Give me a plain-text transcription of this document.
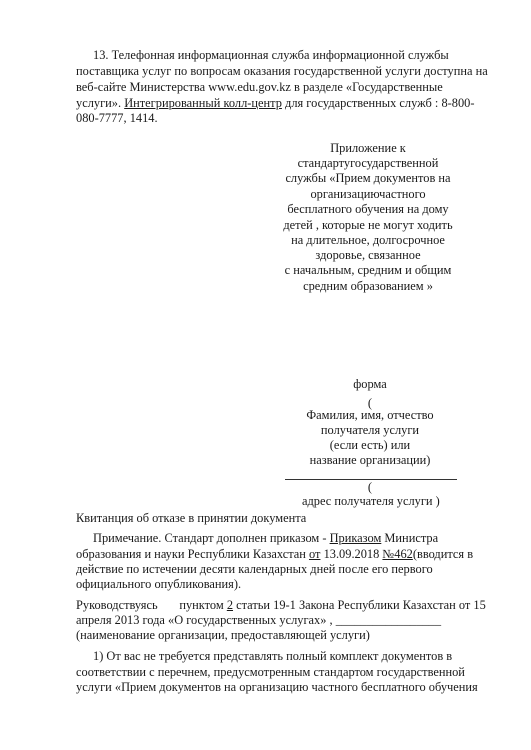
13. Телефонная информационная служба информационной службы

поставщика услуг по вопросам оказания государственной услуги доступна на

веб-сайте Министерства www.edu.gov.kz в разделе «Государственные

услуги». Интегрированный колл-центр для государственных служб : 8-800-

080-7777, 1414.

Приложение к

стандартугосударственной

службы «Прием документов на

организациючастного

бесплатного обучения на дому

детей , которые не могут ходить

на длительное, долгосрочное

здоровье, связанное

с начальным, средним и общим

средним образованием »

форма

(

Фамилия, имя, отчество

получателя услуги

(если есть) или

название организации)

(

адрес получателя услуги )

Квитанция об отказе в принятии документа

Примечание. Стандарт дополнен приказом - Приказом Министра

образования и науки Республики Казахстан от 13.09.2018 №462(вводится в

действие по истечении десяти календарных дней после его первого

официального опубликования).

Руководствуясь       пунктом 2 статьи 19-1 Закона Республики Казахстан от 15

апреля 2013 года «О государственных услугах» , _________________

(наименование организации, предоставляющей услуги)

1) От вас не требуется представлять полный комплект документов в

соответствии с перечнем, предусмотренным стандартом государственной

услуги «Прием документов на организацию частного бесплатного обучения
